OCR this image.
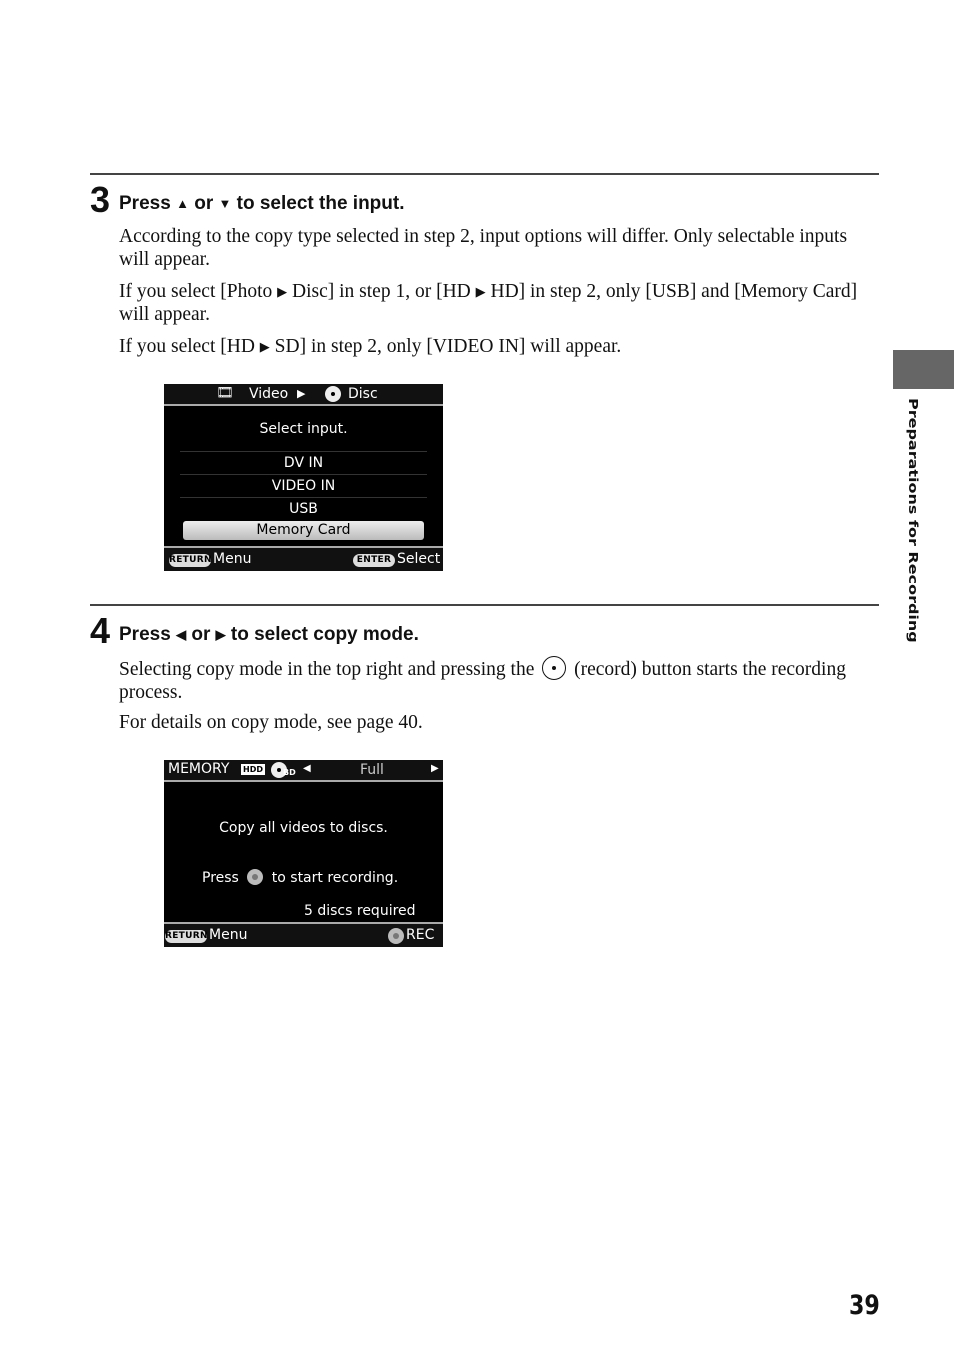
3 Press ▲ or ▼ to select the input.
According to the copy type selected in step 2, input options will differ. Only selectable inputs will appear.
If you select [Photo ▶ Disc] in step 1, or [HD ▶ HD] in step 2, only [USB] and [Memory Card] will appear.
If you select [HD ▶ SD] in step 2, only [VIDEO IN] will appear.
🎞 Video ▶	Disc
Select input.
DV IN
VIDEO IN
USB
Memory Card
RETURN Menu	ENTER Select
4 Press ◀ or ▶ to select copy mode.
Selecting copy mode in the top right and pressing the (record) button starts the recording process.
For details on copy mode, see page 40.
MEMORY HDD	BD ◀	Full	▶
Copy all videos to discs.
Press to start recording.
5 discs required
RETURN Menu	REC
Preparations for Recording
39
